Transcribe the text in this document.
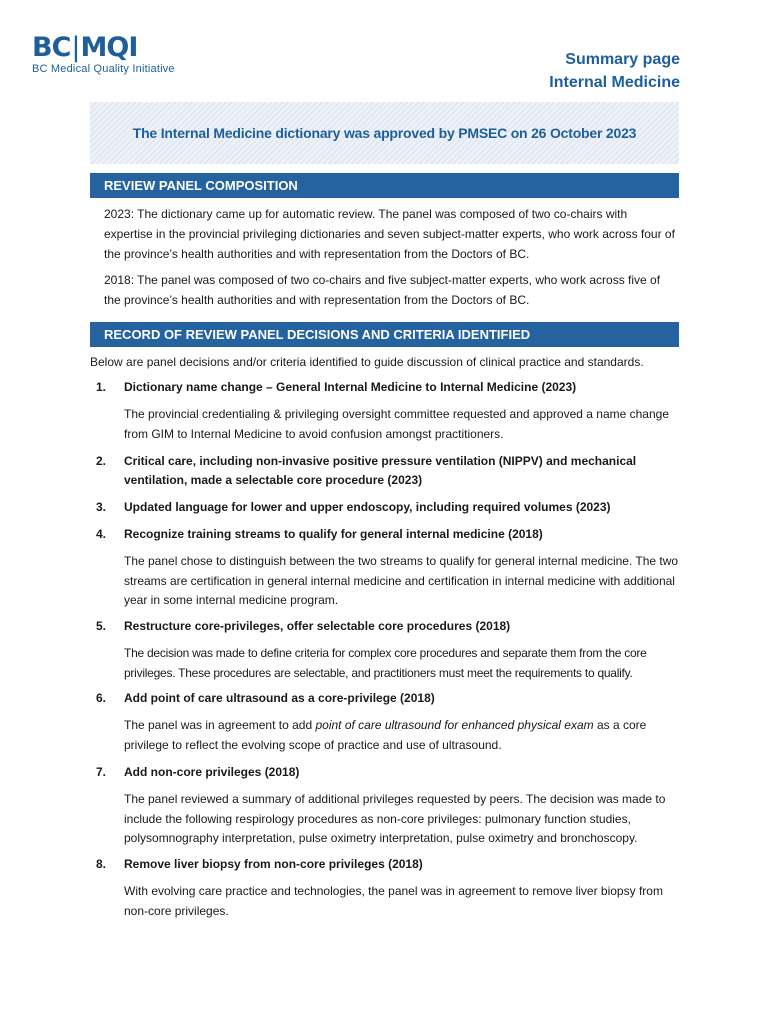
BC|MQI
BC Medical Quality Initiative
Summary page
Internal Medicine
The Internal Medicine dictionary was approved by PMSEC on 26 October 2023
REVIEW PANEL COMPOSITION
2023: The dictionary came up for automatic review. The panel was composed of two co-chairs with expertise in the provincial privileging dictionaries and seven subject-matter experts, who work across four of the province’s health authorities and with representation from the Doctors of BC.
2018: The panel was composed of two co-chairs and five subject-matter experts, who work across five of the province’s health authorities and with representation from the Doctors of BC.
RECORD OF REVIEW PANEL DECISIONS AND CRITERIA IDENTIFIED
Below are panel decisions and/or criteria identified to guide discussion of clinical practice and standards.
1.	Dictionary name change – General Internal Medicine to Internal Medicine (2023)
The provincial credentialing & privileging oversight committee requested and approved a name change from GIM to Internal Medicine to avoid confusion amongst practitioners.
2.	Critical care, including non-invasive positive pressure ventilation (NIPPV) and mechanical ventilation, made a selectable core procedure (2023)
3.	Updated language for lower and upper endoscopy, including required volumes (2023)
4.	Recognize training streams to qualify for general internal medicine (2018)
The panel chose to distinguish between the two streams to qualify for general internal medicine. The two streams are certification in general internal medicine and certification in internal medicine with additional year in some internal medicine program.
5.	Restructure core-privileges, offer selectable core procedures (2018)
The decision was made to define criteria for complex core procedures and separate them from the core privileges. These procedures are selectable, and practitioners must meet the requirements to qualify.
6.	Add point of care ultrasound as a core-privilege (2018)
The panel was in agreement to add point of care ultrasound for enhanced physical exam as a core privilege to reflect the evolving scope of practice and use of ultrasound.
7.	Add non-core privileges (2018)
The panel reviewed a summary of additional privileges requested by peers. The decision was made to include the following respirology procedures as non-core privileges: pulmonary function studies, polysomnography interpretation, pulse oximetry interpretation, pulse oximetry and bronchoscopy.
8.	Remove liver biopsy from non-core privileges (2018)
With evolving care practice and technologies, the panel was in agreement to remove liver biopsy from non-core privileges.
